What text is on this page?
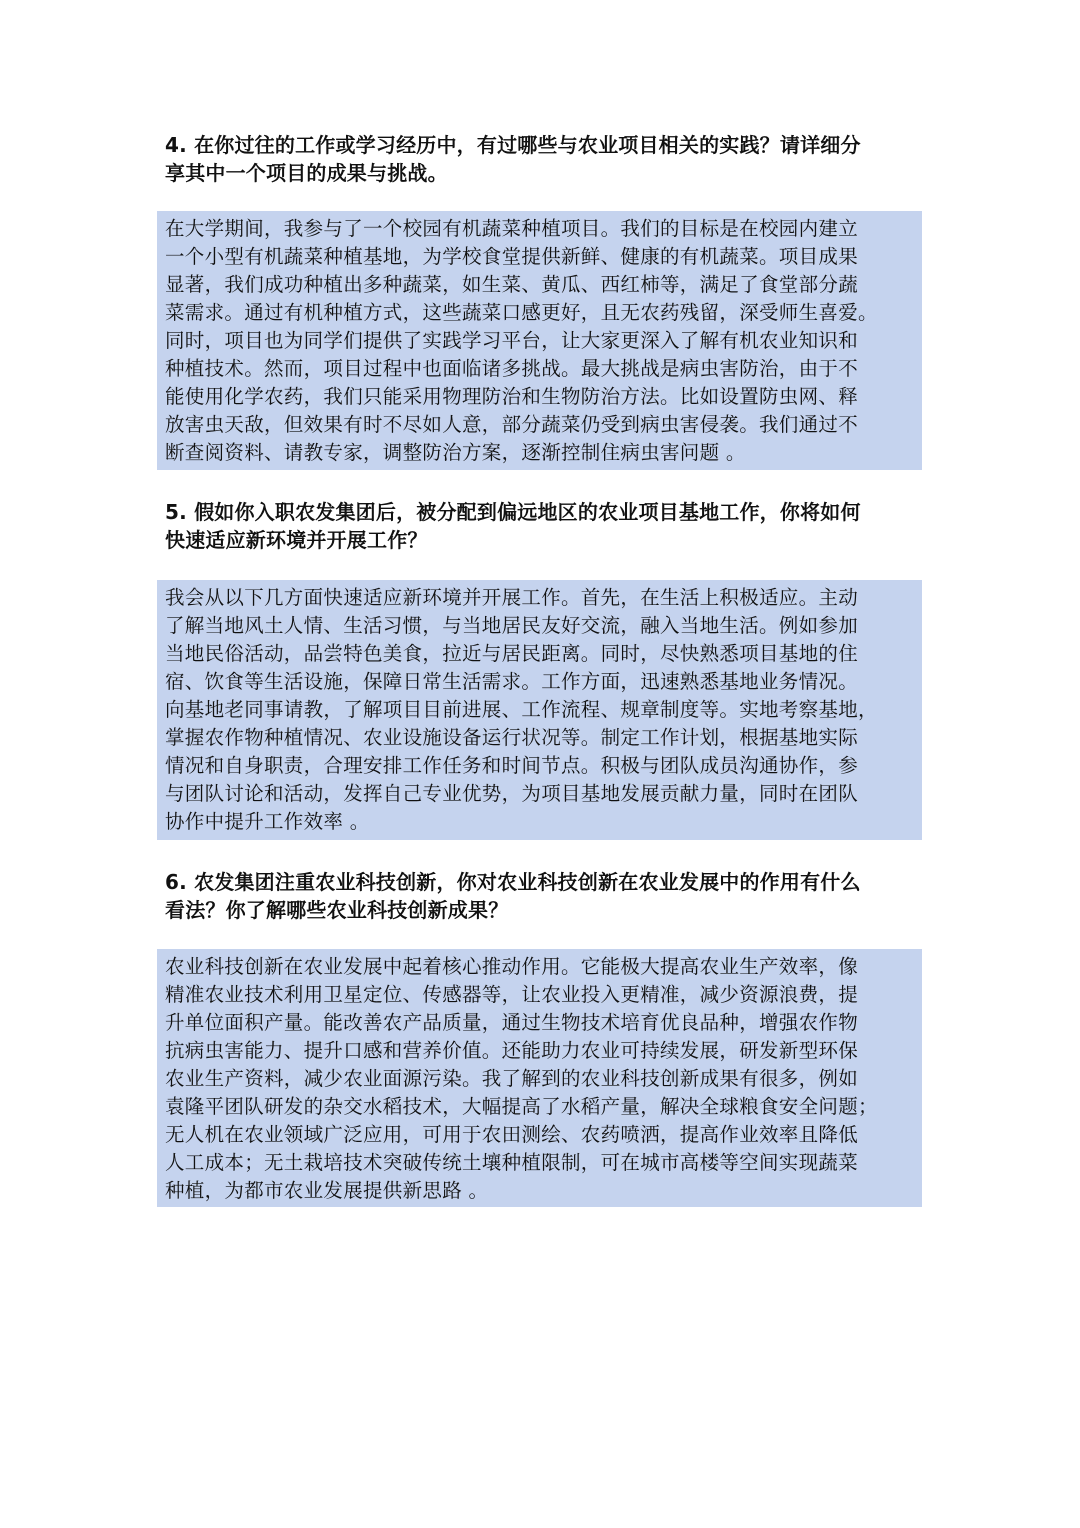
4. 在你过往的工作或学习经历中，有过哪些与农业项目相关的实践？请详细分
享其中一个项目的成果与挑战。
在大学期间，我参与了一个校园有机蔬菜种植项目。我们的目标是在校园内建立
一个小型有机蔬菜种植基地，为学校食堂提供新鲜、健康的有机蔬菜。项目成果
显著，我们成功种植出多种蔬菜，如生菜、黄瓜、西红柿等，满足了食堂部分蔬
菜需求。通过有机种植方式，这些蔬菜口感更好，且无农药残留，深受师生喜爱。
同时，项目也为同学们提供了实践学习平台，让大家更深入了解有机农业知识和
种植技术。然而，项目过程中也面临诸多挑战。最大挑战是病虫害防治，由于不
能使用化学农药，我们只能采用物理防治和生物防治方法。比如设置防虫网、释
放害虫天敌，但效果有时不尽如人意，部分蔬菜仍受到病虫害侵袭。我们通过不
断查阅资料、请教专家，调整防治方案，逐渐控制住病虫害问题 。
5. 假如你入职农发集团后，被分配到偏远地区的农业项目基地工作，你将如何
快速适应新环境并开展工作？
我会从以下几方面快速适应新环境并开展工作。首先，在生活上积极适应。主动
了解当地风土人情、生活习惯，与当地居民友好交流，融入当地生活。例如参加
当地民俗活动，品尝特色美食，拉近与居民距离。同时，尽快熟悉项目基地的住
宿、饮食等生活设施，保障日常生活需求。工作方面，迅速熟悉基地业务情况。
向基地老同事请教，了解项目目前进展、工作流程、规章制度等。实地考察基地，
掌握农作物种植情况、农业设施设备运行状况等。制定工作计划，根据基地实际
情况和自身职责，合理安排工作任务和时间节点。积极与团队成员沟通协作，参
与团队讨论和活动，发挥自己专业优势，为项目基地发展贡献力量，同时在团队
协作中提升工作效率 。
6. 农发集团注重农业科技创新，你对农业科技创新在农业发展中的作用有什么
看法？你了解哪些农业科技创新成果？
农业科技创新在农业发展中起着核心推动作用。它能极大提高农业生产效率，像
精准农业技术利用卫星定位、传感器等，让农业投入更精准，减少资源浪费，提
升单位面积产量。能改善农产品质量，通过生物技术培育优良品种，增强农作物
抗病虫害能力、提升口感和营养价值。还能助力农业可持续发展，研发新型环保
农业生产资料，减少农业面源污染。我了解到的农业科技创新成果有很多，例如
袁隆平团队研发的杂交水稻技术，大幅提高了水稻产量，解决全球粮食安全问题；
无人机在农业领域广泛应用，可用于农田测绘、农药喷洒，提高作业效率且降低
人工成本；无土栽培技术突破传统土壤种植限制，可在城市高楼等空间实现蔬菜
种植，为都市农业发展提供新思路 。
